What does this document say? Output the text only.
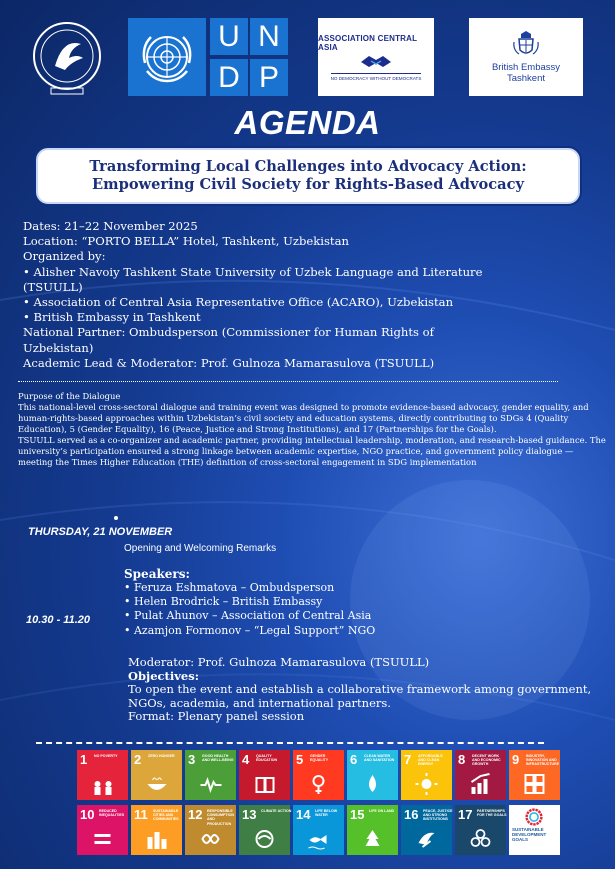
U N
D P
ASSOCIATION CENTRAL ASIA
NO DEMOCRACY WITHOUT DEMOCRATS
British Embassy
Tashkent
AGENDA
Transforming Local Challenges into Advocacy Action: Empowering Civil Society for Rights-Based Advocacy
Dates: 21–22 November 2025
Location: “PORTO BELLA” Hotel, Tashkent, Uzbekistan
Organized by:
• Alisher Navoiy Tashkent State University of Uzbek Language and Literature
(TSUULL)
• Association of Central Asia Representative Office (ACARO), Uzbekistan
• British Embassy in Tashkent
National Partner: Ombudsperson (Commissioner for Human Rights of
Uzbekistan)
Academic Lead & Moderator: Prof. Gulnoza Mamarasulova (TSUULL)

Purpose of the Dialogue

This national-level cross-sectoral dialogue and training event was designed to promote evidence-based advocacy, gender equality, and human-rights-based approaches within Uzbekistan’s civil society and education systems, directly contributing to SDGs 4 (Quality Education), 5 (Gender Equality), 16 (Peace, Justice and Strong Institutions), and 17 (Partnerships for the Goals).

TSUULL served as a co-organizer and academic partner, providing intellectual leadership, moderation, and research-based guidance. The university’s participation ensured a strong linkage between academic expertise, NGO practice, and government policy dialogue — meeting the Times Higher Education (THE) definition of cross-sectoral engagement in SDG implementation

THURSDAY, 21 NOVEMBER
Opening and Welcoming Remarks
Speakers:
• Feruza Eshmatova – Ombudsperson
• Helen Brodrick – British Embassy
• Pulat Ahunov – Association of Central Asia
• Azamjon Formonov – “Legal Support” NGO
10.30 - 11.20
Moderator: Prof. Gulnoza Mamarasulova (TSUULL)
Objectives:
To open the event and establish a collaborative framework among government,
NGOs, academia, and international partners.
Format: Plenary panel session
SUSTAINABLE DEVELOPMENT GOALS
1 NO POVERTY	2 ZERO HUNGER	3 GOOD HEALTH AND WELL-BEING 4 QUALITY EDUCATION	5 GENDER EQUALITY	6 CLEAN WATER AND SANITATION 7 AFFORDABLE AND CLEAN ENERGY	8 DECENT WORK AND ECONOMIC GROWTH	9 INDUSTRY, INNOVATION AND INFRASTRUCTURE
10 REDUCED INEQUALITIES 11 SUSTAINABLE CITIES AND COMMUNITIES 12 RESPONSIBLE CONSUMPTION AND PRODUCTION
13 CLIMATE ACTION 14 LIFE BELOW WATER	15 LIFE ON LAND 16 PEACE, JUSTICE AND STRONG INSTITUTIONS 17 PARTNERSHIPS FOR THE GOALS
